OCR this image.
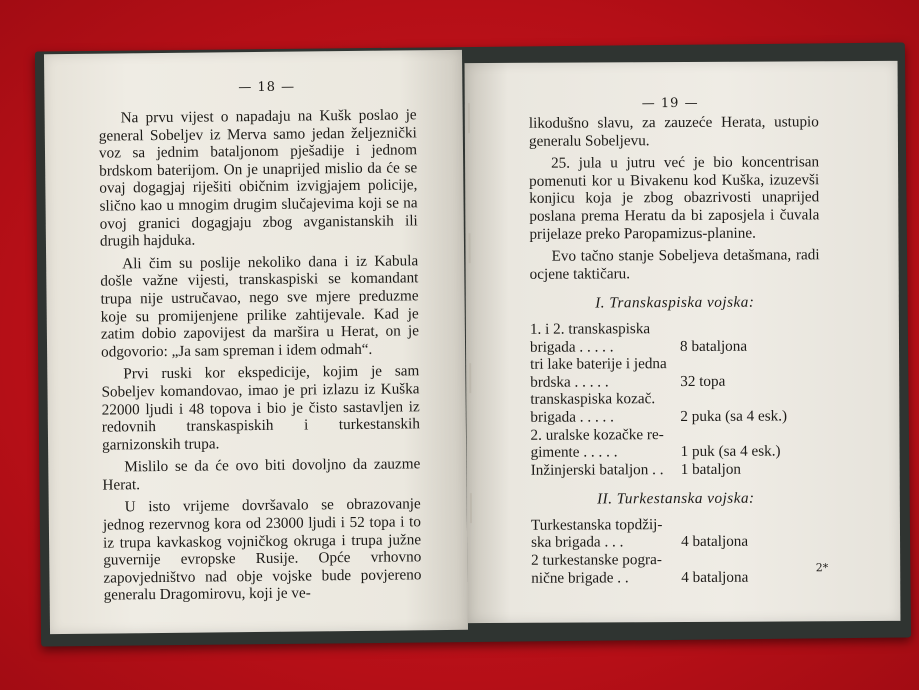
— 18 —

Na prvu vijest o napadaju na Kušk poslao je general Sobeljev iz Merva samo jedan željeznički voz sa jednim bataljonom pješadije i jednom brdskom baterijom. On je unaprijed mislio da će se ovaj dogagjaj riješiti običnim izvigjajem policije, slično kao u mnogim drugim slučajevima koji se na ovoj granici dogagjaju zbog avganistanskih ili drugih hajduka.

Ali čim su poslije nekoliko dana i iz Kabula došle važne vijesti, transkaspiski se komandant trupa nije ustručavao, nego sve mjere preduzme koje su promijenjene prilike zahtijevale. Kad je zatim dobio zapovijest da marširа u Herat, on je odgovorio: „Ja sam spreman i idem odmah“.

Prvi ruski kor ekspedicije, kojim je sam Sobeljev komandovao, imao je pri izlazu iz Kuška 22000 ljudi i 48 topova i bio je čisto sastavljen iz redovnih transkaspiskih i turkestanskih garnizonskih trupa.

Mislilo se da će ovo biti dovoljno da zauzme Herat.

U isto vrijeme dovršavalo se obrazovanje jednog rezervnog kora od 23000 ljudi i 52 topa i to iz trupa kavkaskog vojničkog okruga i trupa južne guvernije evropske Rusije. Opće vrhovno zapovjedništvo nad obje vojske bude povjereno generalu Dragomirovu, koji je ve-

— 19 —

likodušno slavu, za zauzeće Herata, ustupio generalu Sobeljevu.

25. jula u jutru već je bio koncentrisan pomenuti kor u Bivakenu kod Kuška, izuzevši konjicu koja je zbog obazrivosti unaprijed poslana prema Heratu da bi zaposjela i čuvala prijelaze preko Paropamizus-planine.

Evo tačno stanje Sobeljeva detašmana, radi ocjene taktičaru.

I. Transkaspiska vojska:
1. i 2. transkaspiska
brigada . . . . .	8 bataljona
tri lake baterije i jedna
brdska . . . . .	32 topa
transkaspiska kozač.
brigada . . . . .	2 puka (sa 4 esk.)
2. uralske kozačke re-
gimente . . . . .	1 puk (sa 4 esk.)
Inžinjerski bataljon . .	1 bataljon
II. Turkestanska vojska:
Turkestanska topdžij-
ska brigada . . .	4 bataljona
2 turkestanske pogra-
nične brigade . .	4 bataljona
2*
